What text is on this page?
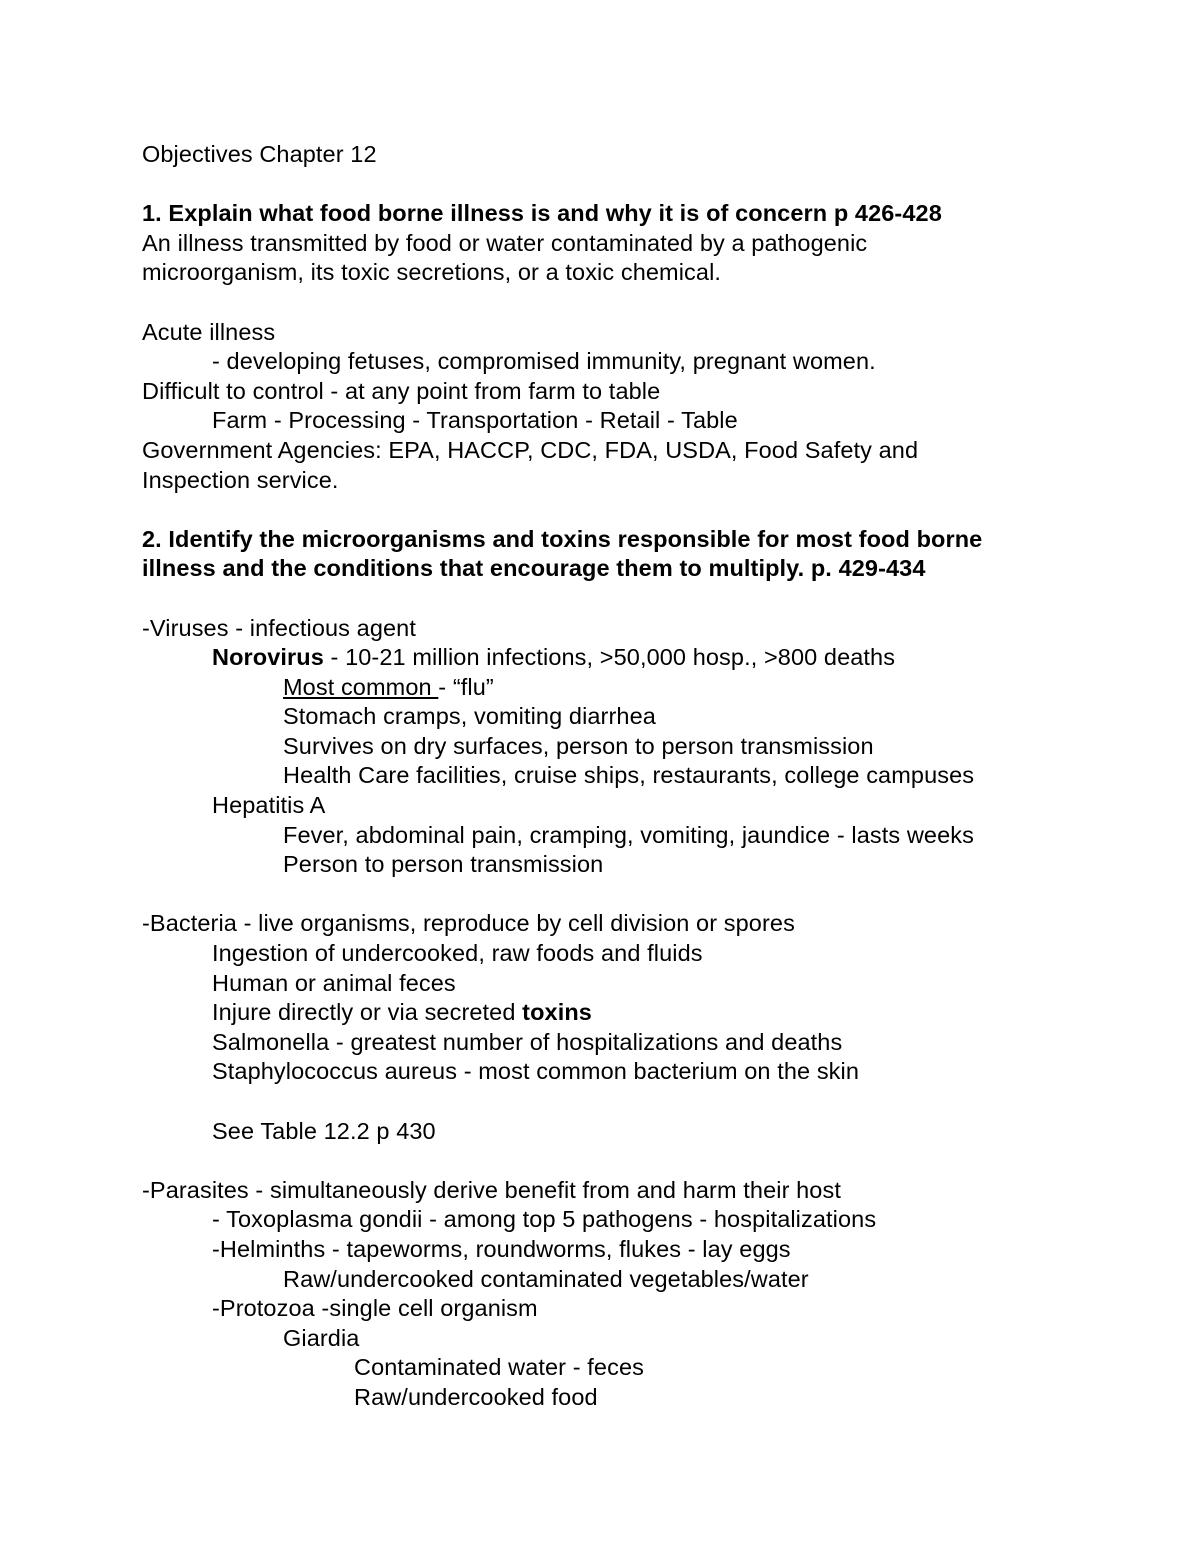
Objectives Chapter 12
1. Explain what food borne illness is and why it is of concern p 426-428
An illness transmitted by food or water contaminated by a pathogenic
microorganism, its toxic secretions, or a toxic chemical.
Acute illness
- developing fetuses, compromised immunity, pregnant women.
Difficult to control - at any point from farm to table
Farm - Processing - Transportation - Retail - Table
Government Agencies: EPA, HACCP, CDC, FDA, USDA, Food Safety and
Inspection service.
2. Identify the microorganisms and toxins responsible for most food borne
illness and the conditions that encourage them to multiply. p. 429-434
-Viruses - infectious agent
Norovirus - 10-21 million infections, >50,000 hosp., >800 deaths
Most common - “flu”
Stomach cramps, vomiting diarrhea
Survives on dry surfaces, person to person transmission
Health Care facilities, cruise ships, restaurants, college campuses
Hepatitis A
Fever, abdominal pain, cramping, vomiting, jaundice - lasts weeks
Person to person transmission
-Bacteria - live organisms, reproduce by cell division or spores
Ingestion of undercooked, raw foods and fluids
Human or animal feces
Injure directly or via secreted toxins
Salmonella - greatest number of hospitalizations and deaths
Staphylococcus aureus - most common bacterium on the skin
See Table 12.2 p 430
-Parasites - simultaneously derive benefit from and harm their host
- Toxoplasma gondii - among top 5 pathogens - hospitalizations
-Helminths - tapeworms, roundworms, flukes - lay eggs
Raw/undercooked contaminated vegetables/water
-Protozoa -single cell organism
Giardia
Contaminated water - feces
Raw/undercooked food
